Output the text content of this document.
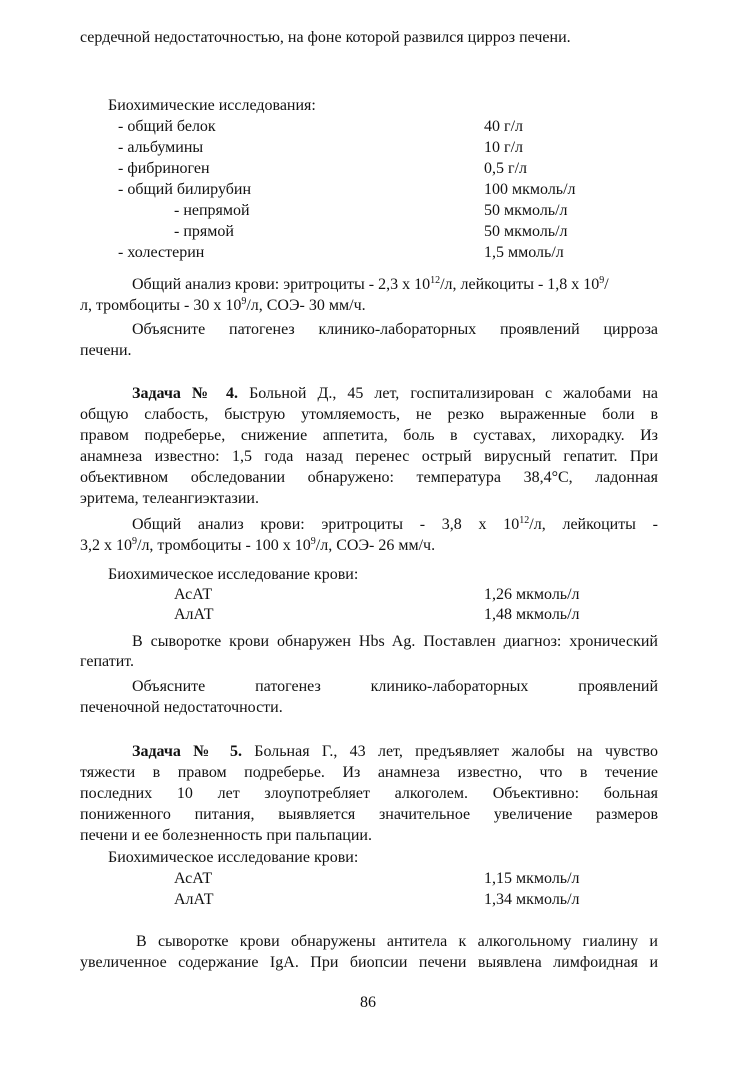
сердечной недостаточностью, на фоне которой развился цирроз печени.
Биохимические исследования:
- общий белок	40 г/л
- альбумины	10 г/л
- фибриноген	0,5 г/л
- общий билирубин	100 мкмоль/л
- непрямой	50 мкмоль/л
- прямой	50 мкмоль/л
- холестерин	1,5 ммоль/л
Общий анализ крови: эритроциты - 2,3 х $10^{12}/л$, лейкоциты - 1,8 х $10^9/$
л, тромбоциты - 30 х $10^9/л$, СОЭ- 30 мм/ч.
Объясните патогенез клинико-лабораторных проявлений цирроза
печени.
Задача № 4. Больной Д., 45 лет, госпитализирован с жалобами на
общую слабость, быструю утомляемость, не резко выраженные боли в
правом подреберье, снижение аппетита, боль в суставах, лихорадку. Из
анамнеза известно: 1,5 года назад перенес острый вирусный гепатит. При
объективном обследовании обнаружено: температура 38,4°С, ладонная
эритема, телеангиэктазии.
Общий анализ крови: эритроциты - 3,8 х $10^{12}/л$, лейкоциты -
3,2 х $10^9/л$, тромбоциты - 100 х $10^9/л$, СОЭ- 26 мм/ч.
Биохимическое исследование крови:
АсАТ	1,26 мкмоль/л
АлАТ	1,48 мкмоль/л
В сыворотке крови обнаружен Hbs Ag. Поставлен диагноз: хронический
гепатит.
Объясните патогенез клинико-лабораторных проявлений
печеночной недостаточности.
Задача № 5. Больная Г., 43 лет, предъявляет жалобы на чувство
тяжести в правом подреберье. Из анамнеза известно, что в течение
последних 10 лет злоупотребляет алкоголем. Объективно: больная
пониженного питания, выявляется значительное увеличение размеров
печени и ее болезненность при пальпации.
Биохимическое исследование крови:
АсАТ	1,15 мкмоль/л
АлАТ	1,34 мкмоль/л
В сыворотке крови обнаружены антитела к алкогольному гиалину и
увеличенное содержание IgA. При биопсии печени выявлена лимфоидная и
86
